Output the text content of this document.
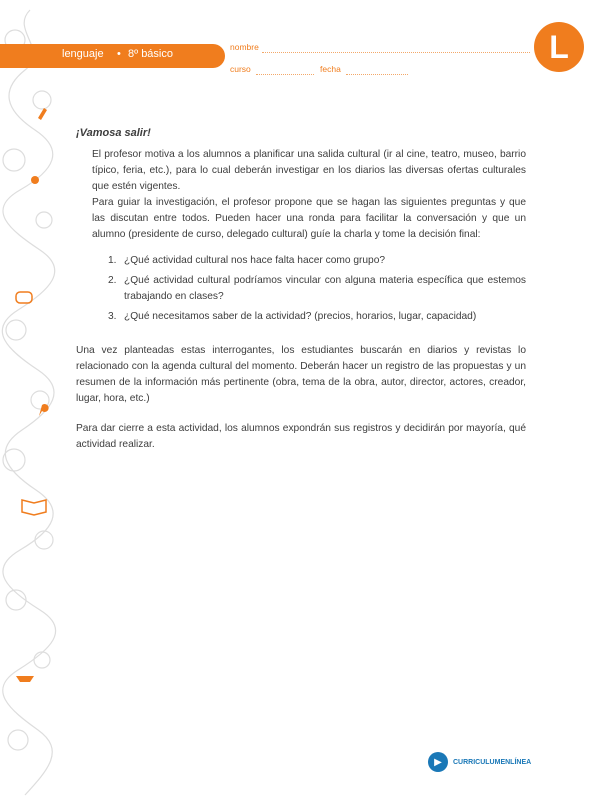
lenguaje • 8º básico
nombre
curso	fecha
L

¡Vamosa salir!

El profesor motiva a los alumnos a planificar una salida cultural (ir al cine, teatro, museo, barrio típico, feria, etc.), para lo cual deberán investigar en los diarios las diversas ofertas culturales que estén vigentes.

Para guiar la investigación, el profesor propone que se hagan las siguientes preguntas y que las discutan entre todos. Pueden hacer una ronda para facilitar la conversación y que un alumno (presidente de curso, delegado cultural) guíe la charla y tome la decisión final:

1. ¿Qué actividad cultural nos hace falta hacer como grupo?
2. ¿Qué actividad cultural podríamos vincular con alguna materia específica que estemos trabajando en clases?
3. ¿Qué necesitamos saber de la actividad? (precios, horarios, lugar, capacidad)

Una vez planteadas estas interrogantes, los estudiantes buscarán en diarios y revistas lo relacionado con la agenda cultural del momento. Deberán hacer un registro de las propuestas y un resumen de la información más pertinente (obra, tema de la obra, autor, director, actores, creador, lugar, hora, etc.)

Para dar cierre a esta actividad, los alumnos expondrán sus registros y decidirán por mayoría, qué actividad realizar.

▶	CURRICULUMENLÍNEA
